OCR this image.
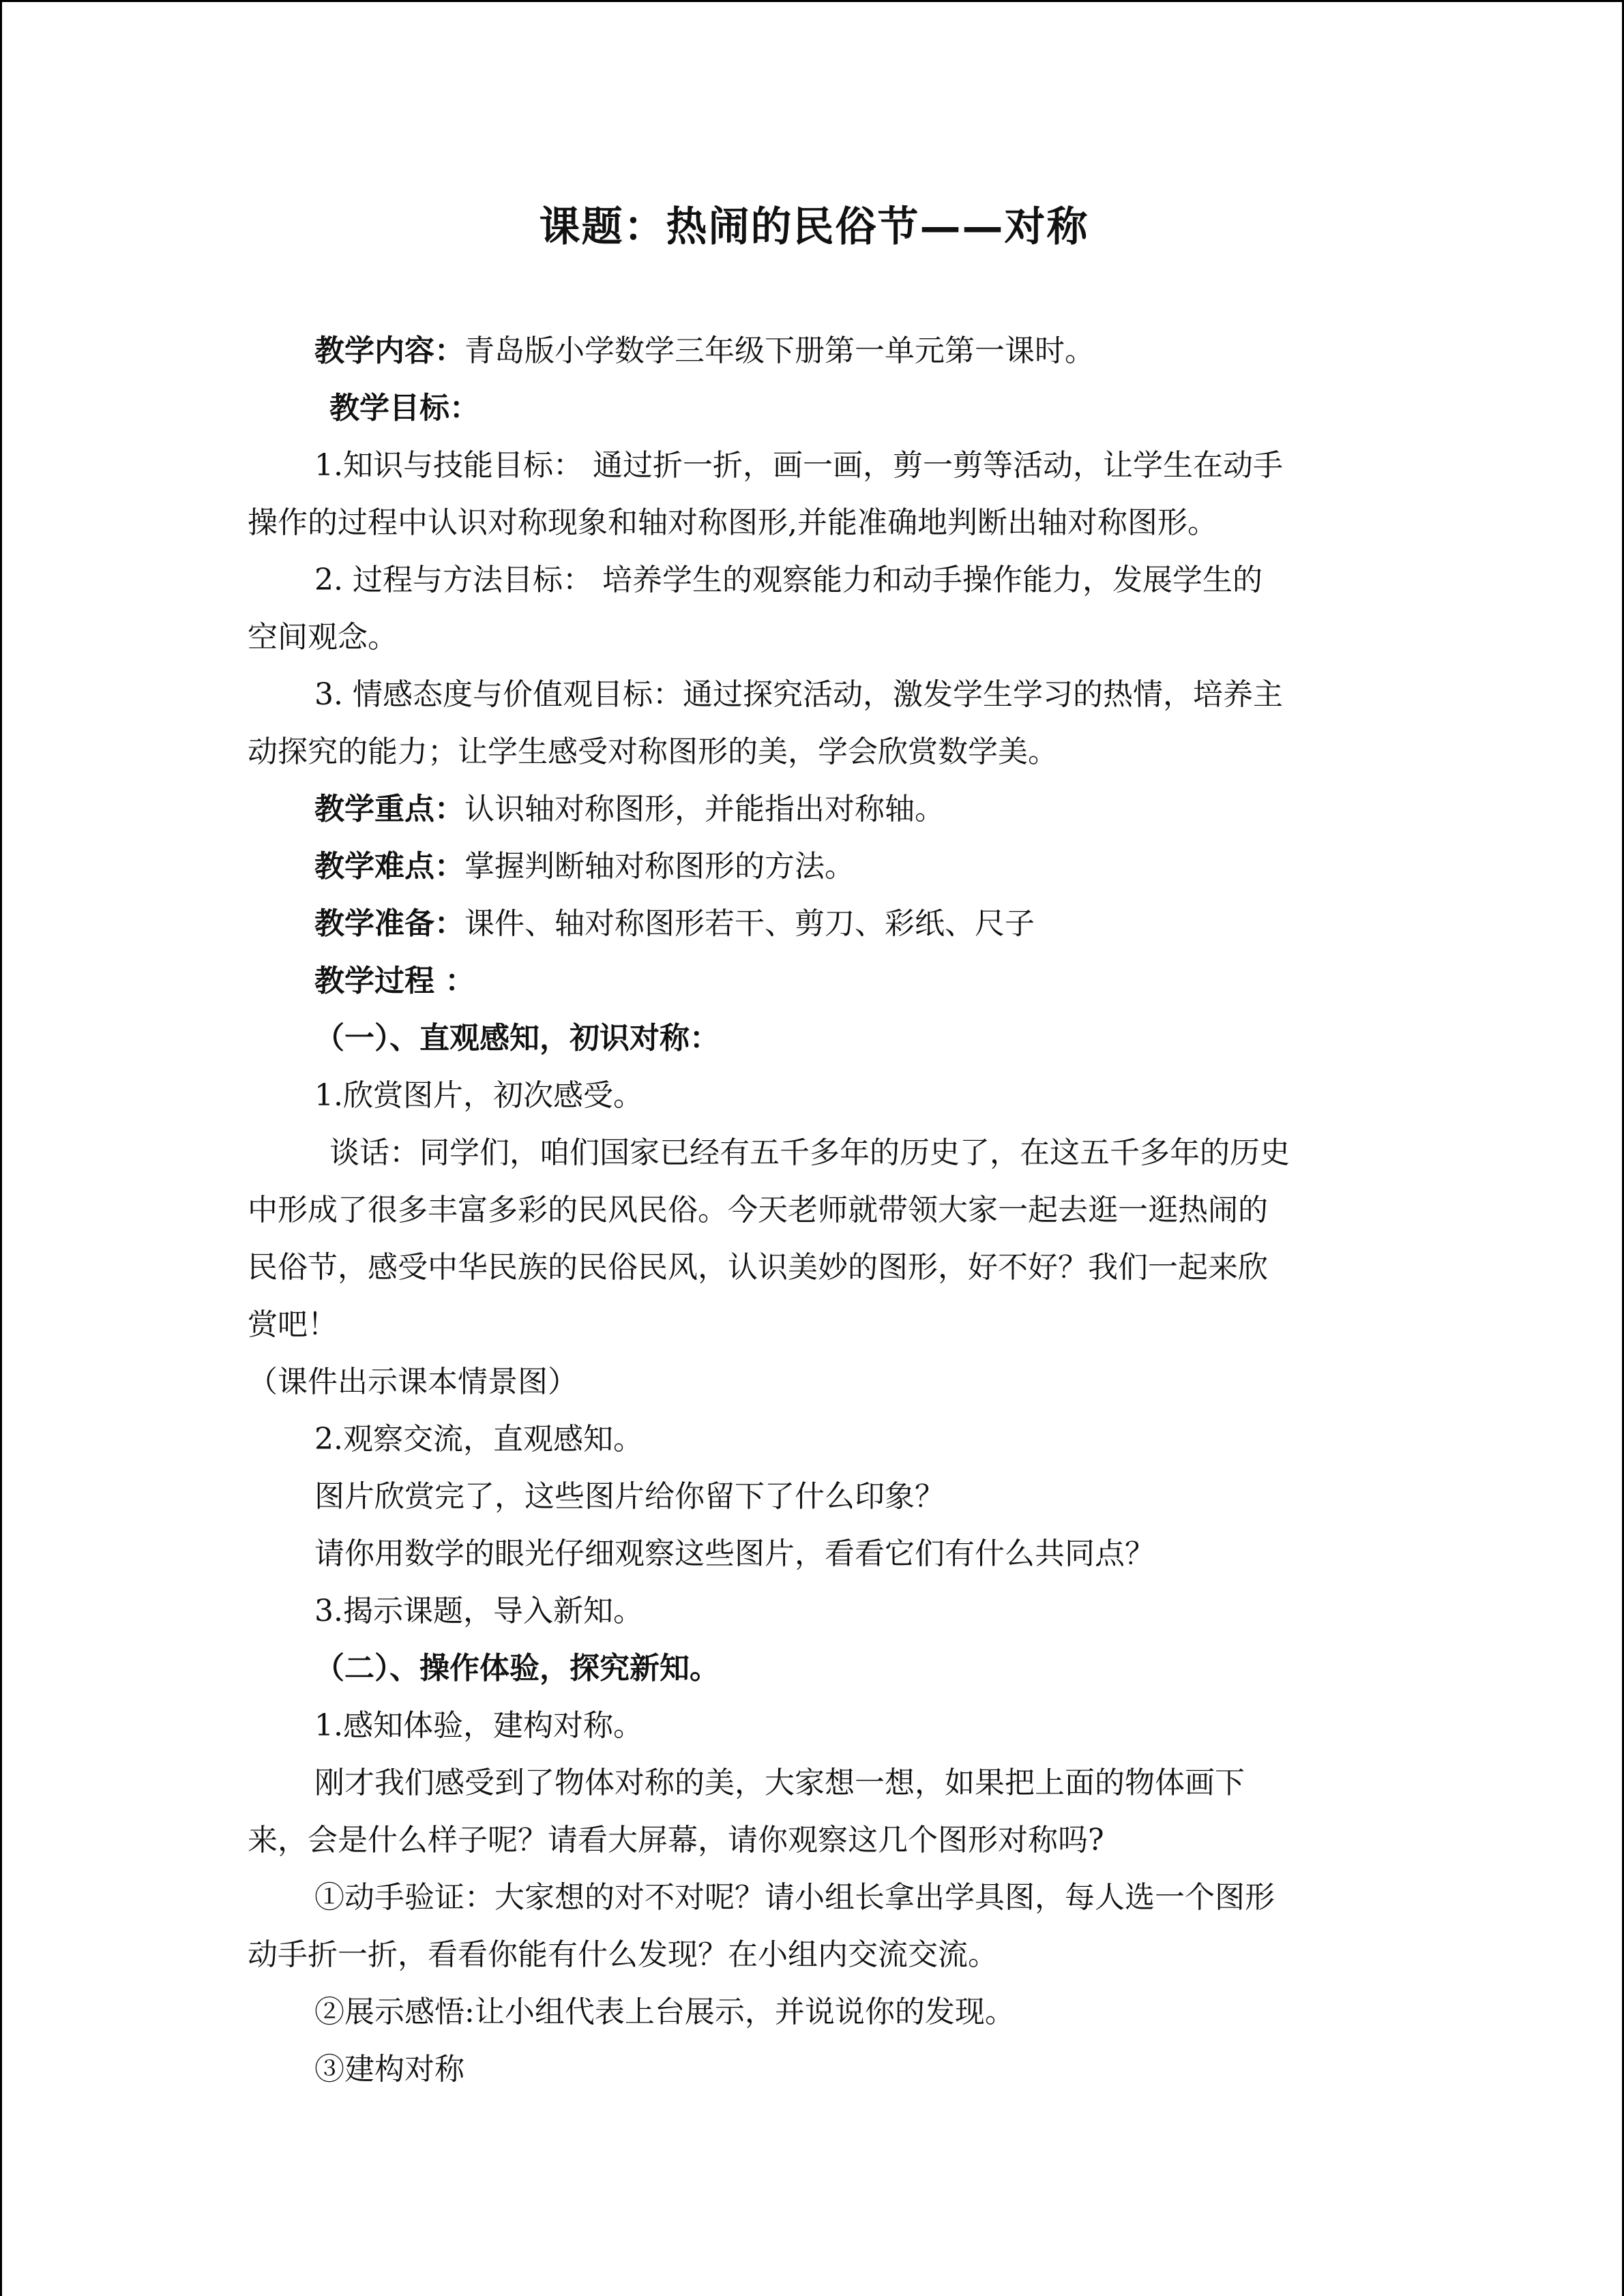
课题：热闹的民俗节——对称
教学内容：青岛版小学数学三年级下册第一单元第一课时。
教学目标：
1.知识与技能目标： 通过折一折，画一画，剪一剪等活动，让学生在动手
操作的过程中认识对称现象和轴对称图形,并能准确地判断出轴对称图形。
2. 过程与方法目标： 培养学生的观察能力和动手操作能力，发展学生的
空间观念。
3. 情感态度与价值观目标：通过探究活动，激发学生学习的热情，培养主
动探究的能力；让学生感受对称图形的美，学会欣赏数学美。
教学重点：认识轴对称图形，并能指出对称轴。
教学难点：掌握判断轴对称图形的方法。
教学准备：课件、轴对称图形若干、剪刀、彩纸、尺子
教学过程 ：
（一）、直观感知，初识对称：
1.欣赏图片，初次感受。
谈话：同学们，咱们国家已经有五千多年的历史了，在这五千多年的历史
中形成了很多丰富多彩的民风民俗。今天老师就带领大家一起去逛一逛热闹的
民俗节，感受中华民族的民俗民风，认识美妙的图形，好不好？我们一起来欣
赏吧！
（课件出示课本情景图）
2.观察交流，直观感知。
图片欣赏完了，这些图片给你留下了什么印象？
请你用数学的眼光仔细观察这些图片，看看它们有什么共同点？
3.揭示课题，导入新知。
（二）、操作体验，探究新知。
1.感知体验，建构对称。
刚才我们感受到了物体对称的美，大家想一想，如果把上面的物体画下
来，会是什么样子呢？请看大屏幕，请你观察这几个图形对称吗?
①动手验证：大家想的对不对呢？请小组长拿出学具图，每人选一个图形
动手折一折，看看你能有什么发现？在小组内交流交流。
②展示感悟:让小组代表上台展示，并说说你的发现。
③建构对称
